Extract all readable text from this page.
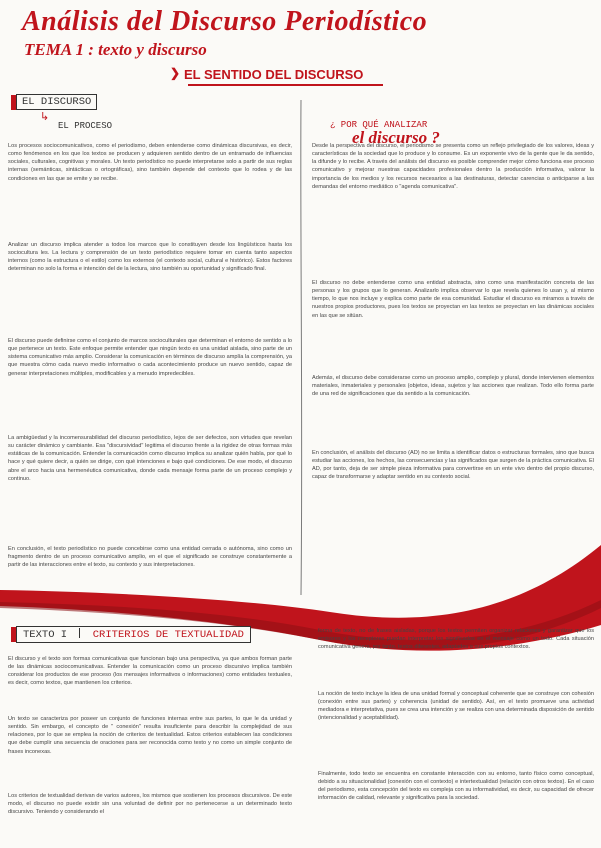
Análisis del Discurso Periodístico
TEMA 1 : texto y discurso
❯ EL SENTIDO DEL DISCURSO
EL DISCURSO
↳
EL PROCESO

Los procesos sociocomunicativos, como el periodismo, deben entenderse como dinámicas discursivas, es decir, como fenómenos en los que los textos se producen y adquieren sentido dentro de un entramado de influencias sociales, culturales, cognitivas y morales. Un texto periodístico no puede interpretarse solo a partir de sus reglas internas (semánticas, sintácticas o ortográficas), sino también depende del contexto que lo rodea y de las condiciones en las que se emite y se recibe.

Analizar un discurso implica atender a todos los marcos que lo constituyen desde los lingüísticos hasta los sociocultura les. La lectura y comprensión de un texto periodístico requiere tomar en cuenta tanto aspectos internos (como la estructura o el estilo) como los externos (el contexto social, cultural e histórico). Estos factores determinan no solo la forma e intención del de la lectura, sino también su oportunidad y significado final.

El discurso puede definirse como el conjunto de marcos socioculturales que determinan el entorno de sentido a lo que pertenece un texto. Este enfoque permite entender que ningún texto es una unidad aislada, sino parte de un sistema comunicativo más amplio. Considerar la comunicación en términos de discurso amplía la comprensión, ya que muestra cómo cada nuevo medio informativo o cada acontecimiento produce un nuevo sentido, capaz de generar interpretaciones múltiples, modificables y a menudo impredecibles.

La ambigüedad y la incomensurabilidad del discurso periodístico, lejos de ser defectos, son virtudes que revelan su carácter dinámico y cambiante. Esa "discursividad" legitima el discurso frente a la rigidez de otras formas más estáticas de la comunicación. Entender la comunicación como discurso implica su analizar quién habla, por qué lo hace y qué quiere decir, a quién se dirige, con qué intenciones e bajo qué condiciones. De ese modo, el discurso abre el arco hacia una hermenéutica comunicativa, donde cada mensaje forma parte de un proceso complejo y continuo.

En conclusión, el texto periodístico no puede concebirse como una entidad cerrada o autónoma, sino como un fragmento dentro de un proceso comunicativo amplio, en el que el significado se construye constantemente a partir de las interacciones entre el texto, su contexto y sus interpretaciones.

¿ POR QUÉ ANALIZAR
el discurso ?

Desde la perspectiva del discurso, el periodismo se presenta como un reflejo privilegiado de los valores, ideas y características de la sociedad que lo produce y lo consume. Es un exponente vivo de la gente que le da sentido, la difunde y lo recibe. A través del análisis del discurso es posible comprender mejor cómo funciona ese proceso comunicativo y mejorar nuestras capacidades profesionales dentro la producción informativa, valorar la importancia de los medios y los recursos necesarios a las destinaturas, detectar carencias o anticiparse a las demandas del entorno mediático o "agenda comunicativa".

El discurso no debe entenderse como una entidad abstracta, sino como una manifestación concreta de las personas y los grupos que lo generan. Analizarlo implica observar lo que revela quienes lo usan y, al mismo tiempo, lo que nos incluye y explica como parte de esa comunidad. Estudiar el discurso es miramos a través de nuestros propios productores, pues los textos se proyectan en las textos se proyectan en las dinámicas sociales en las que se sitúan.

Además, el discurso debe considerarse como un proceso amplio, complejo y plural, donde intervienen elementos materiales, inmateriales y personales (objetos, ideas, sujetos y las acciones que realizan. Todo ello forma parte de una red de significaciones que da sentido a la comunicación.

En conclusión, el análisis del discurso (AD) no se limita a identificar datos o estructuras formales, sino que busca estudiar las acciones, los hechos, las consecuencias y las significados que surgen de la práctica comunicativa. El AD, por tanto, deja de ser simple pieza informativa para convertirse en un ente vivo dentro del propio discurso, capaz de transformarse y adaptar sentido en su contexto social.

TEXTO I CRITERIOS DE TEXTUALIDAD

El discurso y el texto son formas comunicativas que funcionan bajo una perspectiva, ya que ambos forman parte de las dinámicas sociocomunicativas. Entender la comunicación como un proceso discursivo implica también considerar los productos de ese proceso (los mensajes informativos o informaciones) como entidades textuales, es decir, como textos, que mantienen los criterios.

Un texto se caracteriza por poseer un conjunto de funciones internas entre sus partes, lo que le da unidad y sentido. Sin embargo, el concepto de " conexión" resulta insuficiente para describir la complejidad de sus relaciones, por lo que se emplea la noción de criterios de textualidad. Estos criterios establecen las condiciones que debe cumplir una secuencia de oraciones para ser reconocida como texto y no como un simple conjunto de frases inconexas.

Los criterios de textualidad derivan de varios autores, los mismos que sostienen los procesos discursivos. De este modo, el discurso no puede existir sin una voluntad de definir por no pertenecerse a un determinado texto discursivo. Teniendo y considerando el

forma de texto, no de frases aisladas, porque los textos permiten organizar relaciones y garantizar que los emisores y los receptores puedan interpretar los significados en el mensaje como un todo. Cada situación comunicativa genera, por tanto, textos diferentes, adaptados a sus propios contextos.

La noción de texto incluye la idea de una unidad formal y conceptual coherente que se construye con cohesión (conexión entre sus partes) y coherencia (unidad de sentido). Así, en el texto promueve una actividad mediadora e interpretativa, pues se crea una intención y se realiza con una determinada disposición de sentido (intencionalidad y aceptabilidad).

Finalmente, todo texto se encuentra en constante interacción con su entorno, tanto físico como conceptual, debido a su situacionalidad (conexión con el contexto) e intertextualidad (relación con otros textos). En el caso del periodismo, esta concepción del texto es compleja con su informatividad, es decir, su capacidad de ofrecer información de calidad, relevante y significativa para la sociedad.
